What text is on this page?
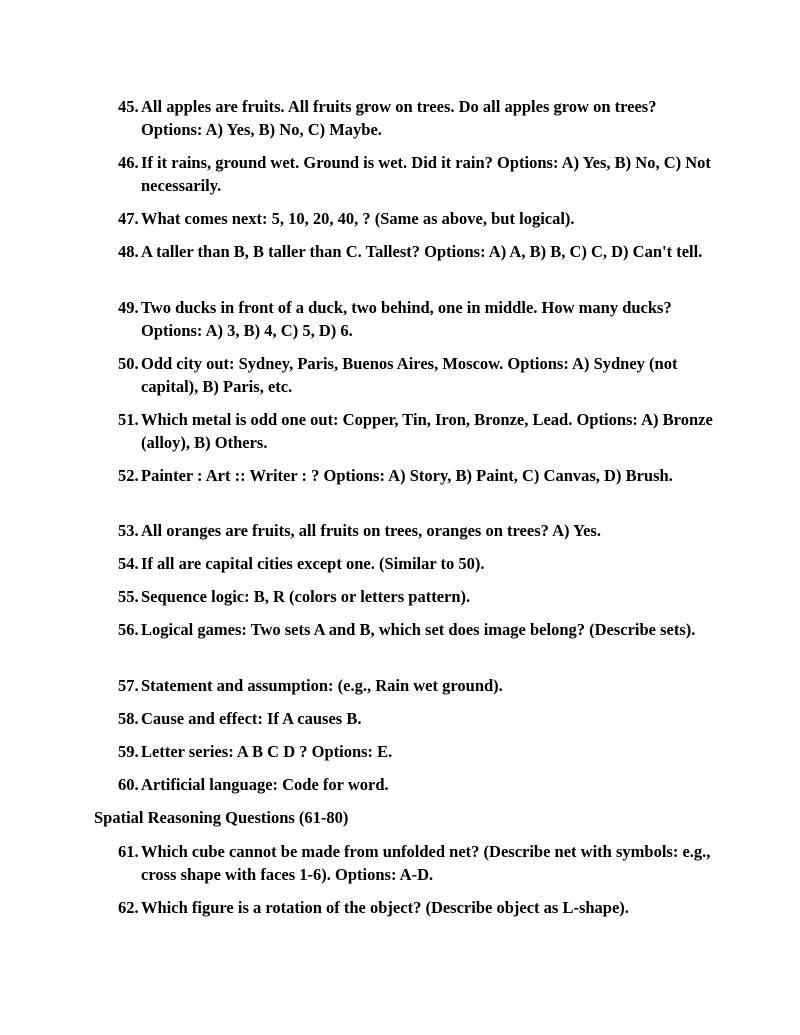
45. All apples are fruits. All fruits grow on trees. Do all apples grow on trees? Options: A) Yes, B) No, C) Maybe.
46. If it rains, ground wet. Ground is wet. Did it rain? Options: A) Yes, B) No, C) Not necessarily.
47. What comes next: 5, 10, 20, 40, ? (Same as above, but logical).
48. A taller than B, B taller than C. Tallest? Options: A) A, B) B, C) C, D) Can't tell.
49. Two ducks in front of a duck, two behind, one in middle. How many ducks? Options: A) 3, B) 4, C) 5, D) 6.
50. Odd city out: Sydney, Paris, Buenos Aires, Moscow. Options: A) Sydney (not capital), B) Paris, etc.
51. Which metal is odd one out: Copper, Tin, Iron, Bronze, Lead. Options: A) Bronze (alloy), B) Others.
52. Painter : Art :: Writer : ? Options: A) Story, B) Paint, C) Canvas, D) Brush.
53. All oranges are fruits, all fruits on trees, oranges on trees? A) Yes.
54. If all are capital cities except one. (Similar to 50).
55. Sequence logic: B, R (colors or letters pattern).
56. Logical games: Two sets A and B, which set does image belong? (Describe sets).
57. Statement and assumption: (e.g., Rain wet ground).
58. Cause and effect: If A causes B.
59. Letter series: A B C D ? Options: E.
60. Artificial language: Code for word.
Spatial Reasoning Questions (61-80)
61. Which cube cannot be made from unfolded net? (Describe net with symbols: e.g., cross shape with faces 1-6). Options: A-D.
62. Which figure is a rotation of the object? (Describe object as L-shape).
